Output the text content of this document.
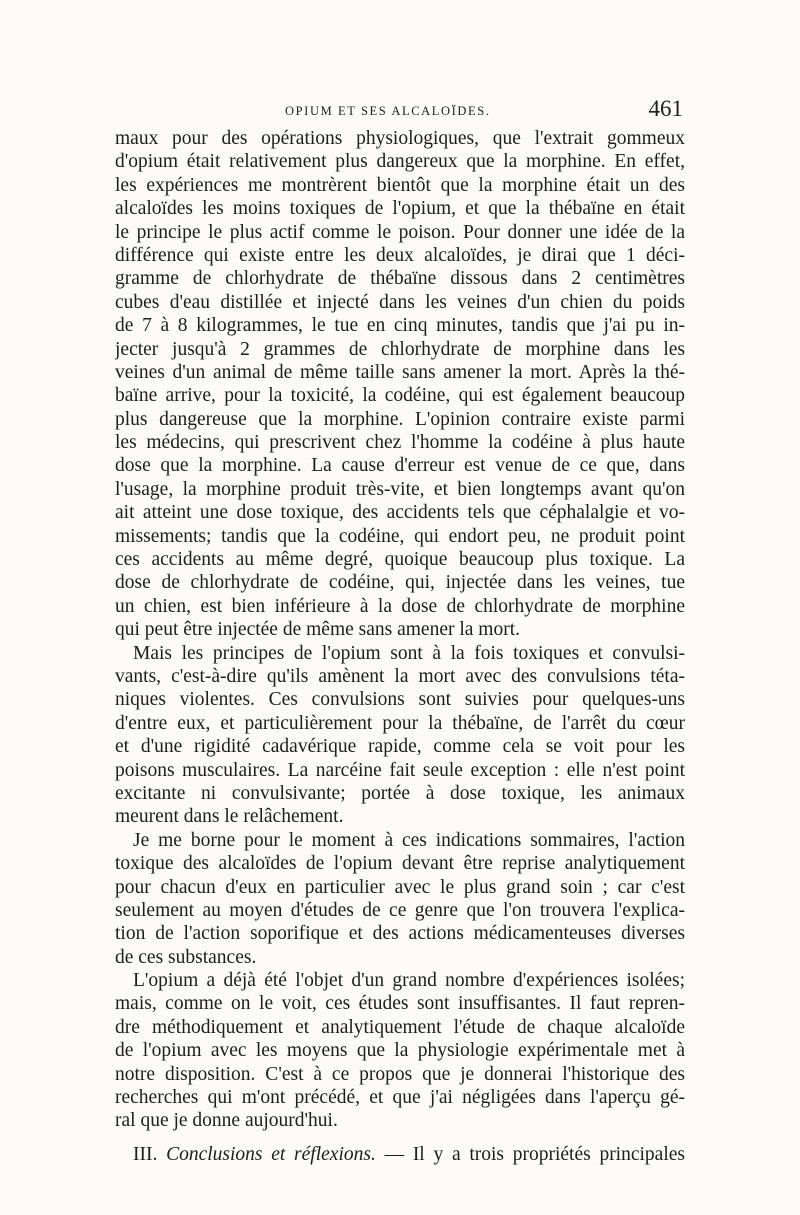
OPIUM ET SES ALCALOÏDES.	461
maux pour des opérations physiologiques, que l'extrait gommeux
d'opium était relativement plus dangereux que la morphine. En effet,
les expériences me montrèrent bientôt que la morphine était un des
alcaloïdes les moins toxiques de l'opium, et que la thébaïne en était
le principe le plus actif comme le poison. Pour donner une idée de la
différence qui existe entre les deux alcaloïdes, je dirai que 1 déci-
gramme de chlorhydrate de thébaïne dissous dans 2 centimètres
cubes d'eau distillée et injecté dans les veines d'un chien du poids
de 7 à 8 kilogrammes, le tue en cinq minutes, tandis que j'ai pu in-
jecter jusqu'à 2 grammes de chlorhydrate de morphine dans les
veines d'un animal de même taille sans amener la mort. Après la thé-
baïne arrive, pour la toxicité, la codéine, qui est également beaucoup
plus dangereuse que la morphine. L'opinion contraire existe parmi
les médecins, qui prescrivent chez l'homme la codéine à plus haute
dose que la morphine. La cause d'erreur est venue de ce que, dans
l'usage, la morphine produit très-vite, et bien longtemps avant qu'on
ait atteint une dose toxique, des accidents tels que céphalalgie et vo-
missements; tandis que la codéine, qui endort peu, ne produit point
ces accidents au même degré, quoique beaucoup plus toxique. La
dose de chlorhydrate de codéine, qui, injectée dans les veines, tue
un chien, est bien inférieure à la dose de chlorhydrate de morphine
qui peut être injectée de même sans amener la mort.
Mais les principes de l'opium sont à la fois toxiques et convulsi-
vants, c'est-à-dire qu'ils amènent la mort avec des convulsions téta-
niques violentes. Ces convulsions sont suivies pour quelques-uns
d'entre eux, et particulièrement pour la thébaïne, de l'arrêt du cœur
et d'une rigidité cadavérique rapide, comme cela se voit pour les
poisons musculaires. La narcéine fait seule exception : elle n'est point
excitante ni convulsivante; portée à dose toxique, les animaux
meurent dans le relâchement.
Je me borne pour le moment à ces indications sommaires, l'action
toxique des alcaloïdes de l'opium devant être reprise analytiquement
pour chacun d'eux en particulier avec le plus grand soin ; car c'est
seulement au moyen d'études de ce genre que l'on trouvera l'explica-
tion de l'action soporifique et des actions médicamenteuses diverses
de ces substances.
L'opium a déjà été l'objet d'un grand nombre d'expériences isolées;
mais, comme on le voit, ces études sont insuffisantes. Il faut repren-
dre méthodiquement et analytiquement l'étude de chaque alcaloïde
de l'opium avec les moyens que la physiologie expérimentale met à
notre disposition. C'est à ce propos que je donnerai l'historique des
recherches qui m'ont précédé, et que j'ai négligées dans l'aperçu gé-
ral que je donne aujourd'hui.
III. Conclusions et réflexions. — Il y a trois propriétés principales
